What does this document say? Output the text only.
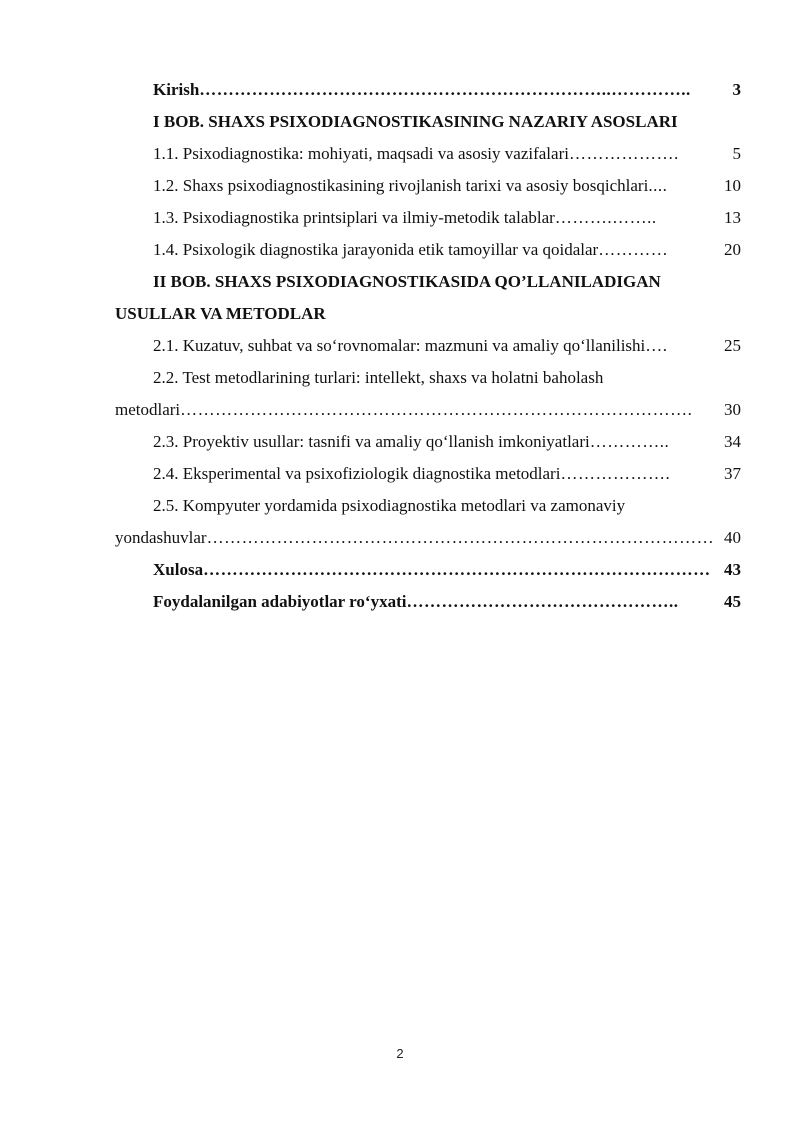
Kirish ……………………………………………………………..…………..	3
I BOB. SHAXS PSIXODIAGNOSTIKASINING NAZARIY ASOSLARI
1.1. Psixodiagnostika: mohiyati, maqsadi va asosiy vazifalari ……………….	5
1.2. Shaxs psixodiagnostikasining rivojlanish tarixi va asosiy bosqichlari ....	10
1.3. Psixodiagnostika printsiplari va ilmiy-metodik talablar ……….……..	13
1.4. Psixologik diagnostika jarayonida etik tamoyillar va qoidalar …………	20
II BOB. SHAXS PSIXODIAGNOSTIKASIDA QO’LLANILADIGAN
USULLAR VA METODLAR
2.1. Kuzatuv, suhbat va so‘rovnomalar: mazmuni va amaliy qo‘llanilishi ….	25
2.2. Test metodlarining turlari: intellekt, shaxs va holatni baholash
metodlari …………………………………………………………………………….	30
2.3. Proyektiv usullar: tasnifi va amaliy qo‘llanish imkoniyatlari …………..	34
2.4. Eksperimental va psixofiziologik diagnostika metodlari ……………….	37
2.5. Kompyuter yordamida psixodiagnostika metodlari va zamonaviy
yondashuvlar …………………………………………………………………………… 40
Xulosa …………………………………………………………………………… 43
Foydalanilgan adabiyotlar ro‘yxati ………………………………………..	45
2
